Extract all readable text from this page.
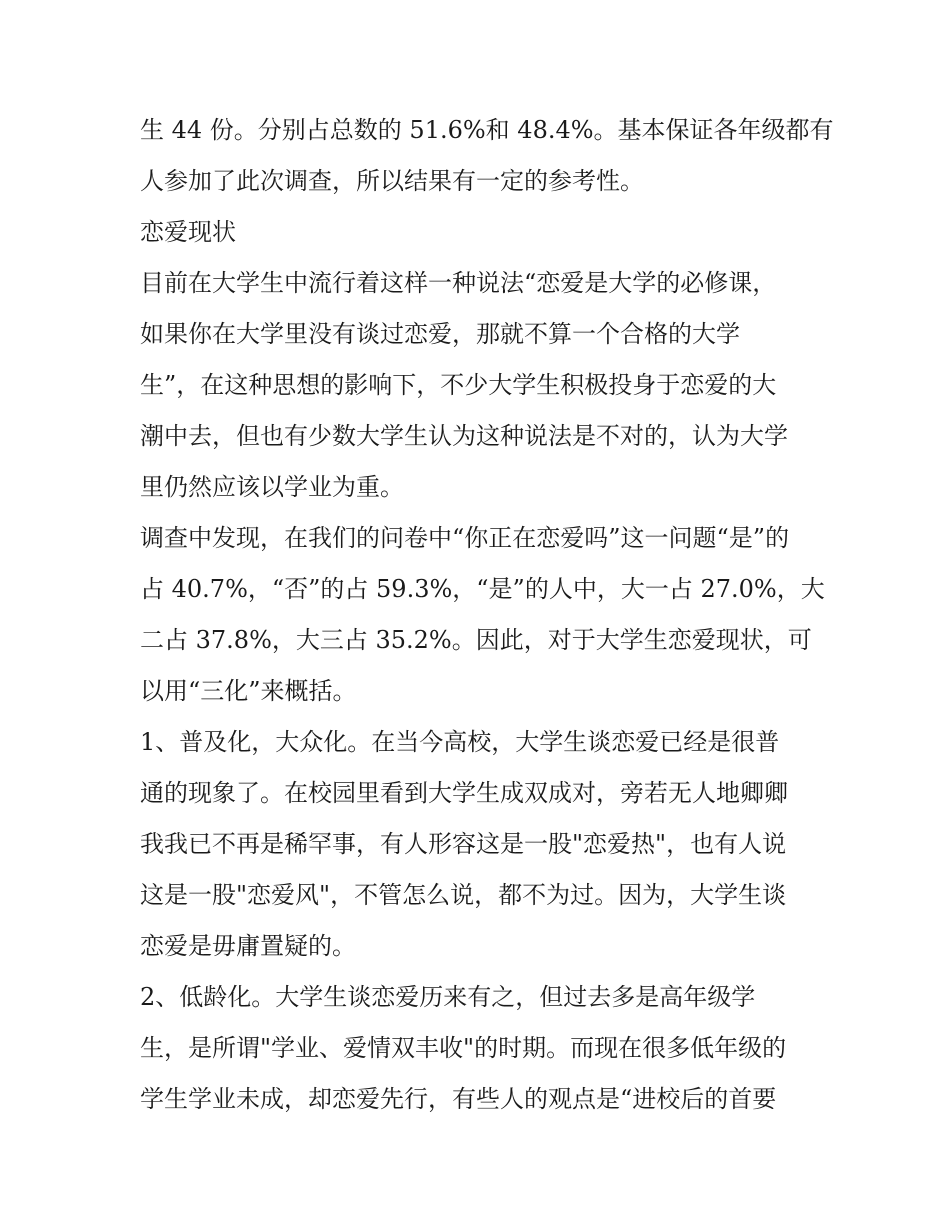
生 44 份。分别占总数的 51.6%和 48.4%。基本保证各年级都有
人参加了此次调查，所以结果有一定的参考性。

恋爱现状

目前在大学生中流行着这样一种说法“恋爱是大学的必修课，
如果你在大学里没有谈过恋爱，那就不算一个合格的大学
生”，在这种思想的影响下，不少大学生积极投身于恋爱的大
潮中去，但也有少数大学生认为这种说法是不对的，认为大学
里仍然应该以学业为重。

调查中发现，在我们的问卷中“你正在恋爱吗”这一问题“是”的
占 40.7%，“否”的占 59.3%，“是”的人中，大一占 27.0%，大
二占 37.8%，大三占 35.2%。因此，对于大学生恋爱现状，可
以用“三化”来概括。

1、普及化，大众化。在当今高校，大学生谈恋爱已经是很普
通的现象了。在校园里看到大学生成双成对，旁若无人地卿卿
我我已不再是稀罕事，有人形容这是一股"恋爱热"，也有人说
这是一股"恋爱风"，不管怎么说，都不为过。因为，大学生谈
恋爱是毋庸置疑的。

2、低龄化。大学生谈恋爱历来有之，但过去多是高年级学
生，是所谓"学业、爱情双丰收"的时期。而现在很多低年级的
学生学业未成，却恋爱先行，有些人的观点是“进校后的首要
